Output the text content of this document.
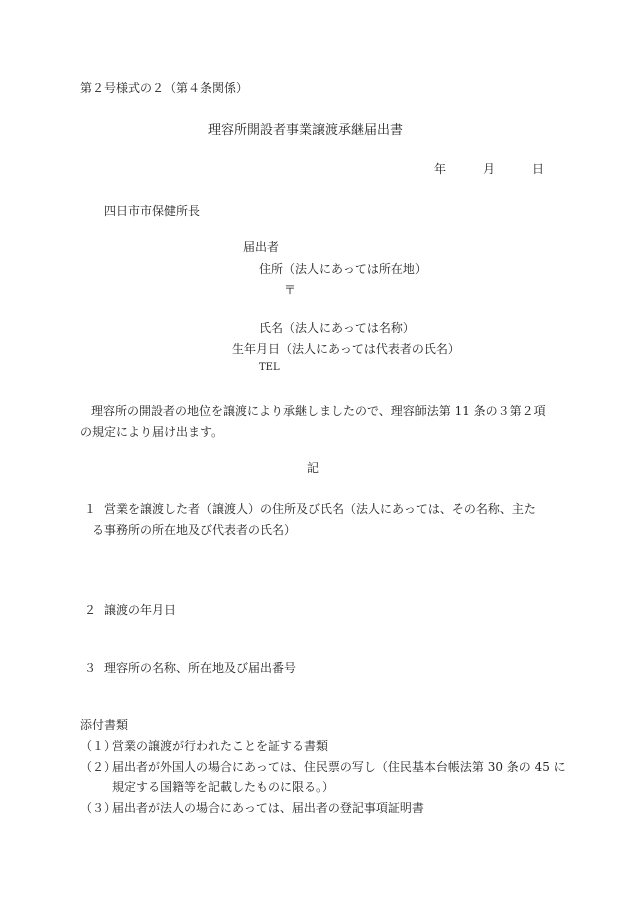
第２号様式の２（第４条関係）
理容所開設者事業譲渡承継届出書
年	月	日
四日市市保健所長
届出者
住所（法人にあっては所在地）
〒
氏名（法人にあっては名称）
生年月日（法人にあっては代表者の氏名）
TEL
理容所の開設者の地位を譲渡により承継しましたので、理容師法第 11 条の３第２項
の規定により届け出ます。
記
１ 営業を譲渡した者（譲渡人）の住所及び氏名（法人にあっては、その名称、主た
る事務所の所在地及び代表者の氏名）
２ 譲渡の年月日
３ 理容所の名称、所在地及び届出番号
添付書類
（１）
営業の譲渡が行われたことを証する書類
（２）
届出者が外国人の場合にあっては、住民票の写し（住民基本台帳法第 30 条の 45 に
規定する国籍等を記載したものに限る。）
（３）
届出者が法人の場合にあっては、届出者の登記事項証明書
